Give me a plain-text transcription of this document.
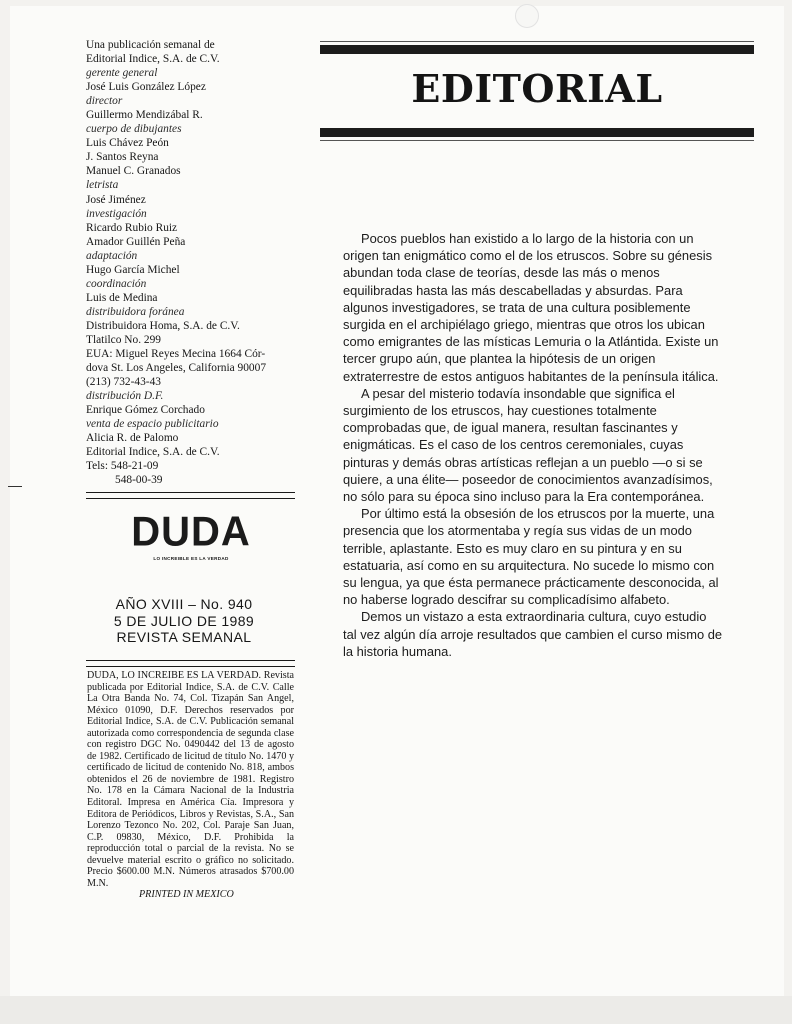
Una publicación semanal de
Editorial Indice, S.A. de C.V.
gerente general
José Luis González López
director
Guillermo Mendizábal R.
cuerpo de dibujantes
Luis Chávez Peón
J. Santos Reyna
Manuel C. Granados
letrista
José Jiménez
investigación
Ricardo Rubio Ruiz
Amador Guillén Peña
adaptación
Hugo García Michel
coordinación
Luis de Medina
distribuidora foránea
Distribuidora Homa, S.A. de C.V.
Tlatilco No. 299
EUA: Miguel Reyes Mecina 1664 Cór-
dova St. Los Angeles, California 90007
(213) 732-43-43
distribución D.F.
Enrique Gómez Corchado
venta de espacio publicitario
Alicia R. de Palomo
Editorial Indice, S.A. de C.V.
Tels: 548-21-09
548-00-39
DUDA
LO INCREIBLE ES LA VERDAD
AÑO XVIII – No. 940
5 DE JULIO DE 1989
REVISTA SEMANAL
DUDA, LO INCREIBE ES LA VERDAD. Revista publicada por Editorial Indice, S.A. de C.V. Calle La Otra Banda No. 74, Col. Tizapán San Angel, México 01090, D.F. Derechos reservados por Editorial Indice, S.A. de C.V. Publicación semanal autorizada como correspondencia de segunda clase con registro DGC No. 0490442 del 13 de agosto de 1982. Certificado de licitud de título No. 1470 y certificado de licitud de contenido No. 818, ambos obtenidos el 26 de noviembre de 1981. Registro No. 178 en la Cámara Nacional de la Industria Editoral. Impresa en América Cía. Impresora y Editora de Periódicos, Libros y Revistas, S.A., San Lorenzo Tezonco No. 202, Col. Paraje San Juan, C.P. 09830, México, D.F. Prohibida la reproducción total o parcial de la revista. No se devuelve material escrito o gráfico no solicitado. Precio $600.00 M.N. Números atrasados $700.00 M.N.
PRINTED IN MEXICO
EDITORIAL

Pocos pueblos han existido a lo largo de la historia con un origen tan enigmático como el de los etruscos. Sobre su génesis abundan toda clase de teorías, desde las más o menos equilibradas hasta las más descabelladas y absurdas. Para algunos investigadores, se trata de una cultura posiblemente surgida en el archipiélago griego, mientras que otros los ubican como emigrantes de las místicas Lemuria o la Atlántida. Existe un tercer grupo aún, que plantea la hipótesis de un origen extraterrestre de estos antiguos habitantes de la península itálica.

A pesar del misterio todavía insondable que significa el surgimiento de los etruscos, hay cuestiones totalmente comprobadas que, de igual manera, resultan fascinantes y enigmáticas. Es el caso de los centros ceremoniales, cuyas pinturas y demás obras artísticas reflejan a un pueblo —o si se quiere, a una élite— poseedor de conocimientos avanzadísimos, no sólo para su época sino incluso para la Era contemporánea.

Por último está la obsesión de los etruscos por la muerte, una presencia que los atormentaba y regía sus vidas de un modo terrible, aplastante. Esto es muy claro en su pintura y en su estatuaria, así como en su arquitectura. No sucede lo mismo con su lengua, ya que ésta permanece prácticamente desconocida, al no haberse logrado descifrar su complicadísimo alfabeto.

Demos un vistazo a esta extraordinaria cultura, cuyo estudio tal vez algún día arroje resultados que cambien el curso mismo de la historia humana.
